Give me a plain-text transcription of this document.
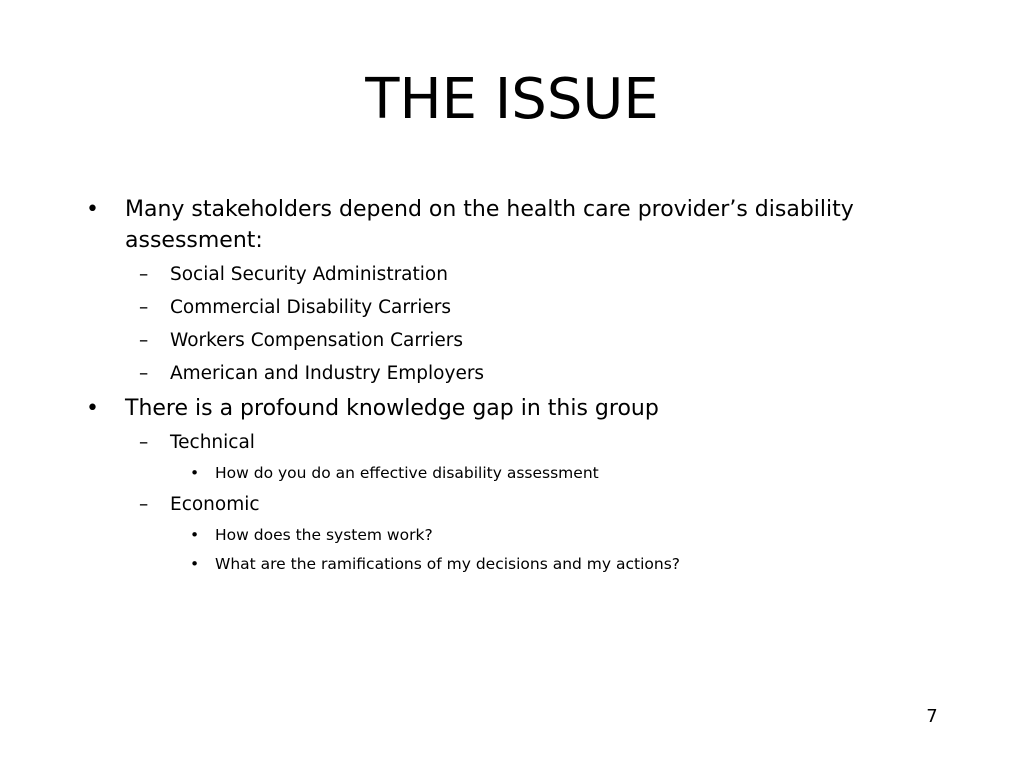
THE ISSUE
• Many stakeholders depend on the health care provider’s disability assessment:
– Social Security Administration
– Commercial Disability Carriers
– Workers Compensation Carriers
– American and Industry Employers
• There is a profound knowledge gap in this group
– Technical
• How do you do an effective disability assessment
– Economic
• How does the system work?
• What are the ramifications of my decisions and my actions?
7
